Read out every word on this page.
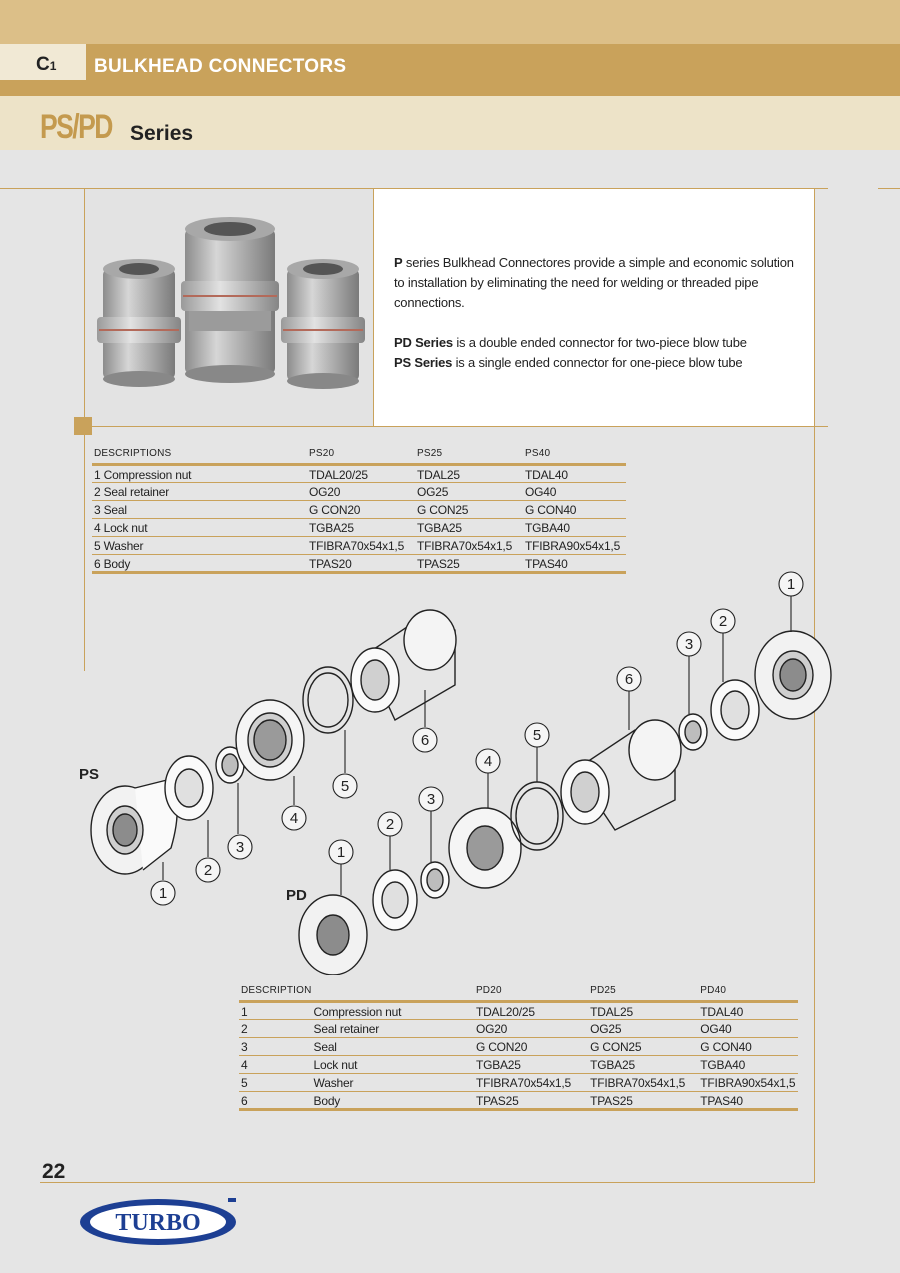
C1 BULKHEAD CONNECTORS
PS/PD Series

P series Bulkhead Connectores provide a simple and economic solution to installation by eliminating the need for welding or threaded pipe connections.

PD Series is a double ended connector for two-piece blow tube

PS Series is a single ended connector for one-piece blow tube

DESCRIPTIONS	PS20	PS25	PS40
1 Compression nut	TDAL20/25	TDAL25	TDAL40
2 Seal retainer	OG20	OG25	OG40
3 Seal	G CON20	G CON25	G CON40
4 Lock nut	TGBA25	TGBA25	TGBA40
5 Washer	TFIBRA70x54x1,5	TFIBRA70x54x1,5	TFIBRA90x54x1,5
6 Body	TPAS20	TPAS25	TPAS40
1
2
3
4
5
6
1
2
3
4
5
6
3
2
1
PS
PD
DESCRIPTION		PD20	PD25	PD40
1	Compression nut	TDAL20/25	TDAL25	TDAL40
2	Seal retainer	OG20	OG25	OG40
3	Seal	G CON20	G CON25	G CON40
4	Lock nut	TGBA25	TGBA25	TGBA40
5	Washer	TFIBRA70x54x1,5	TFIBRA70x54x1,5	TFIBRA90x54x1,5
6	Body	TPAS25	TPAS25	TPAS40
22
TURBO
